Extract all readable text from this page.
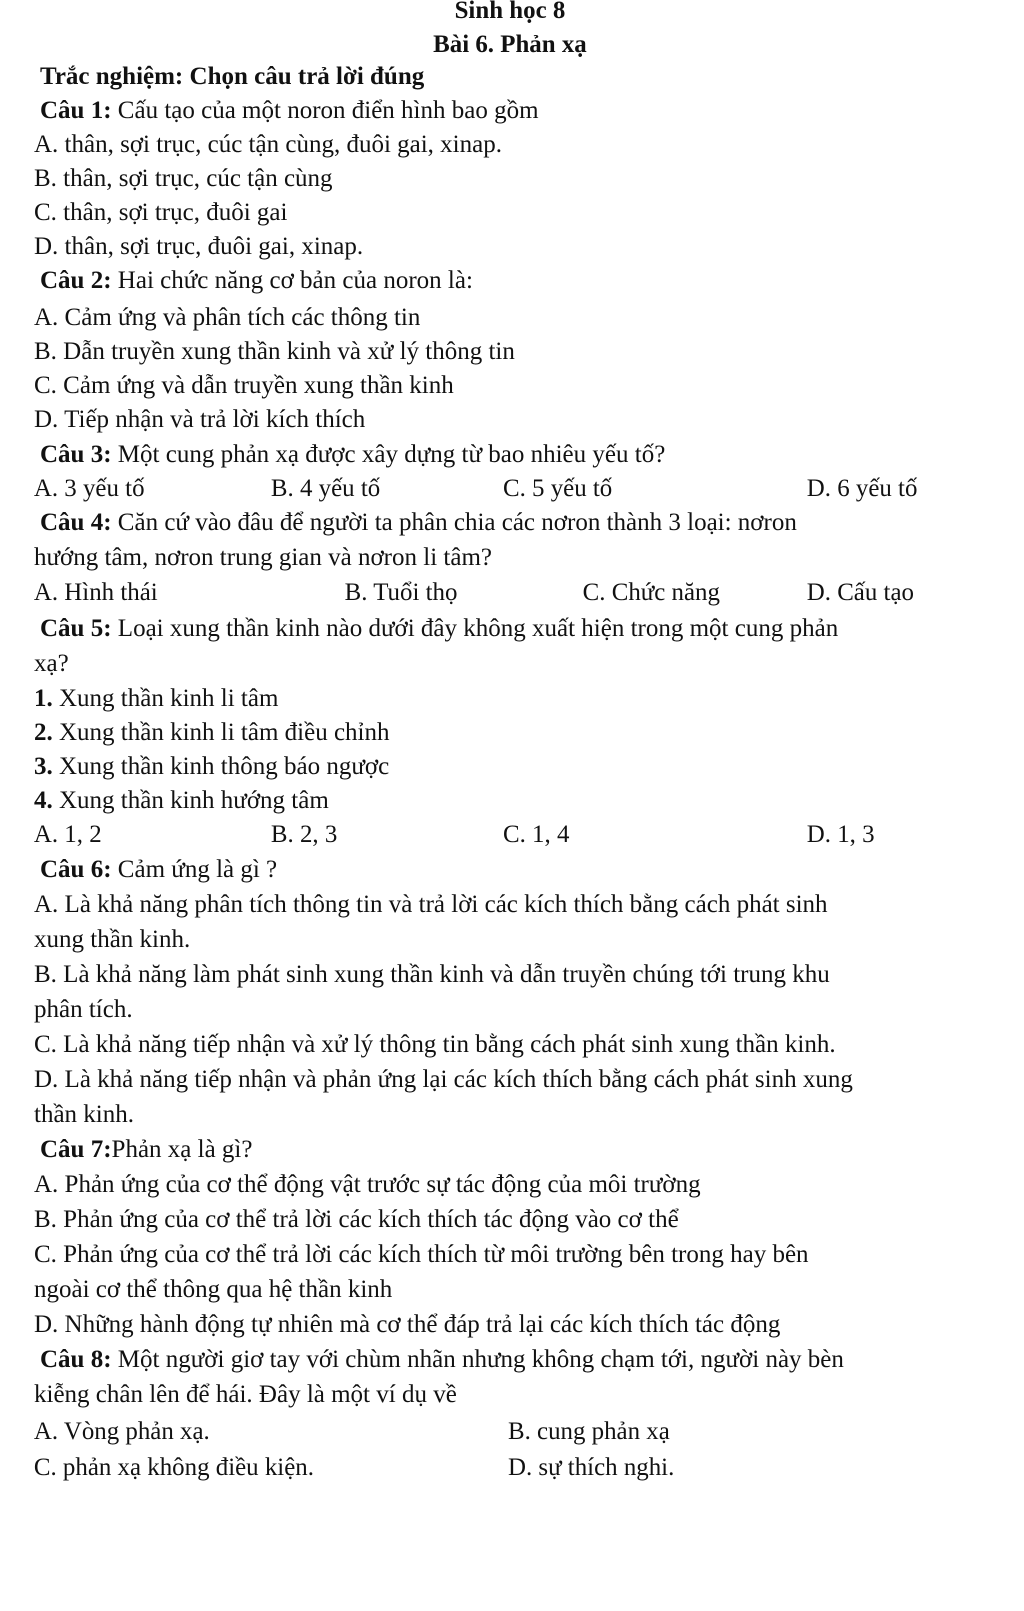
Sinh học 8
Bài 6. Phản xạ
Trắc nghiệm: Chọn câu trả lời đúng
Câu 1: Cấu tạo của một noron điển hình bao gồm
A. thân, sợi trục, cúc tận cùng, đuôi gai, xinap.
B. thân, sợi trục, cúc tận cùng
C. thân, sợi trục, đuôi gai
D. thân, sợi trục, đuôi gai, xinap.
Câu 2: Hai chức năng cơ bản của noron là:
A. Cảm ứng và phân tích các thông tin
B. Dẫn truyền xung thần kinh và xử lý thông tin
C. Cảm ứng và dẫn truyền xung thần kinh
D. Tiếp nhận và trả lời kích thích
Câu 3: Một cung phản xạ được xây dựng từ bao nhiêu yếu tố?
A. 3 yếu tố	B. 4 yếu tố	C. 5 yếu tố	D. 6 yếu tố
Câu 4: Căn cứ vào đâu để người ta phân chia các nơron thành 3 loại: nơron
hướng tâm, nơron trung gian và nơron li tâm?
A. Hình thái	B. Tuổi thọ	C. Chức năng	D. Cấu tạo
Câu 5: Loại xung thần kinh nào dưới đây không xuất hiện trong một cung phản
xạ?
1. Xung thần kinh li tâm
2. Xung thần kinh li tâm điều chỉnh
3. Xung thần kinh thông báo ngược
4. Xung thần kinh hướng tâm
A. 1, 2	B. 2, 3	C. 1, 4	D. 1, 3
Câu 6: Cảm ứng là gì ?
A. Là khả năng phân tích thông tin và trả lời các kích thích bằng cách phát sinh
xung thần kinh.
B. Là khả năng làm phát sinh xung thần kinh và dẫn truyền chúng tới trung khu
phân tích.
C. Là khả năng tiếp nhận và xử lý thông tin bằng cách phát sinh xung thần kinh.
D. Là khả năng tiếp nhận và phản ứng lại các kích thích bằng cách phát sinh xung
thần kinh.
Câu 7:Phản xạ là gì?
A. Phản ứng của cơ thể động vật trước sự tác động của môi trường
B. Phản ứng của cơ thể trả lời các kích thích tác động vào cơ thể
C. Phản ứng của cơ thể trả lời các kích thích từ môi trường bên trong hay bên
ngoài cơ thể thông qua hệ thần kinh
D. Những hành động tự nhiên mà cơ thể đáp trả lại các kích thích tác động
Câu 8: Một người giơ tay với chùm nhãn nhưng không chạm tới, người này bèn
kiễng chân lên để hái. Đây là một ví dụ về
A. Vòng phản xạ.	B. cung phản xạ
C. phản xạ không điều kiện.	D. sự thích nghi.
